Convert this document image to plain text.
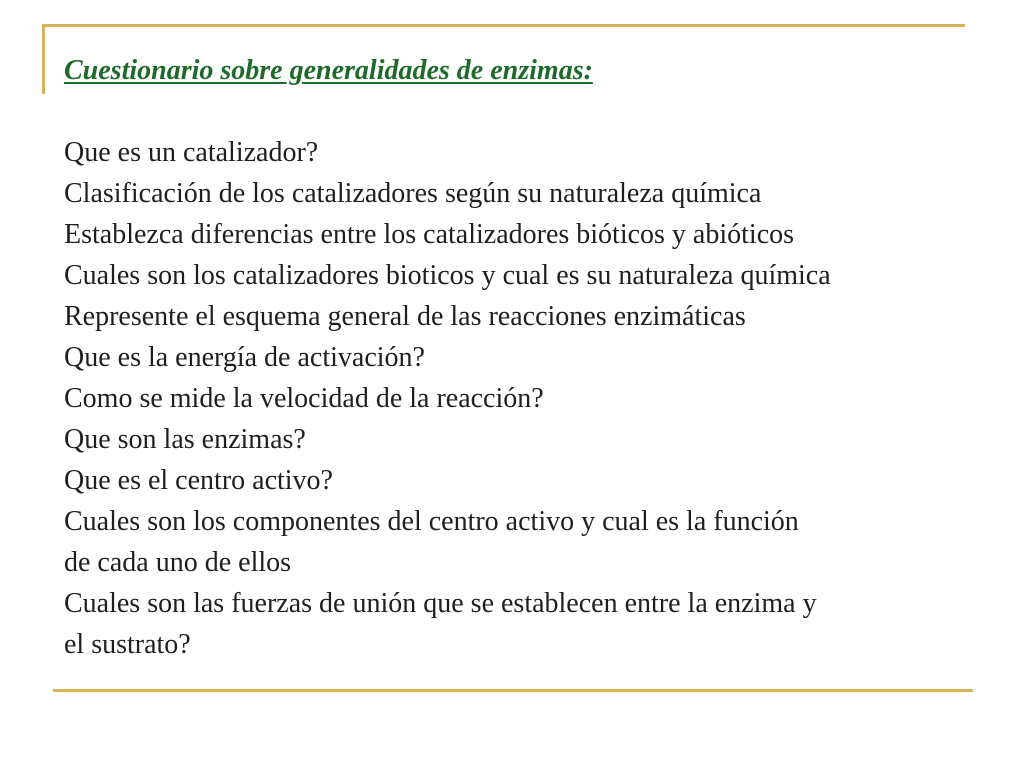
Cuestionario sobre generalidades de enzimas:
Que es un catalizador?
Clasificación de los catalizadores según su naturaleza química
Establezca diferencias entre los catalizadores bióticos y abióticos
Cuales son los catalizadores bioticos y cual es su naturaleza química
Represente el esquema general de las reacciones enzimáticas
Que es la energía de activación?
Como se mide la velocidad de la reacción?
Que son las enzimas?
Que es el centro activo?
Cuales son los componentes del centro activo y cual es la función
de cada uno de ellos
Cuales son las fuerzas de unión que se establecen entre la enzima y
el sustrato?
